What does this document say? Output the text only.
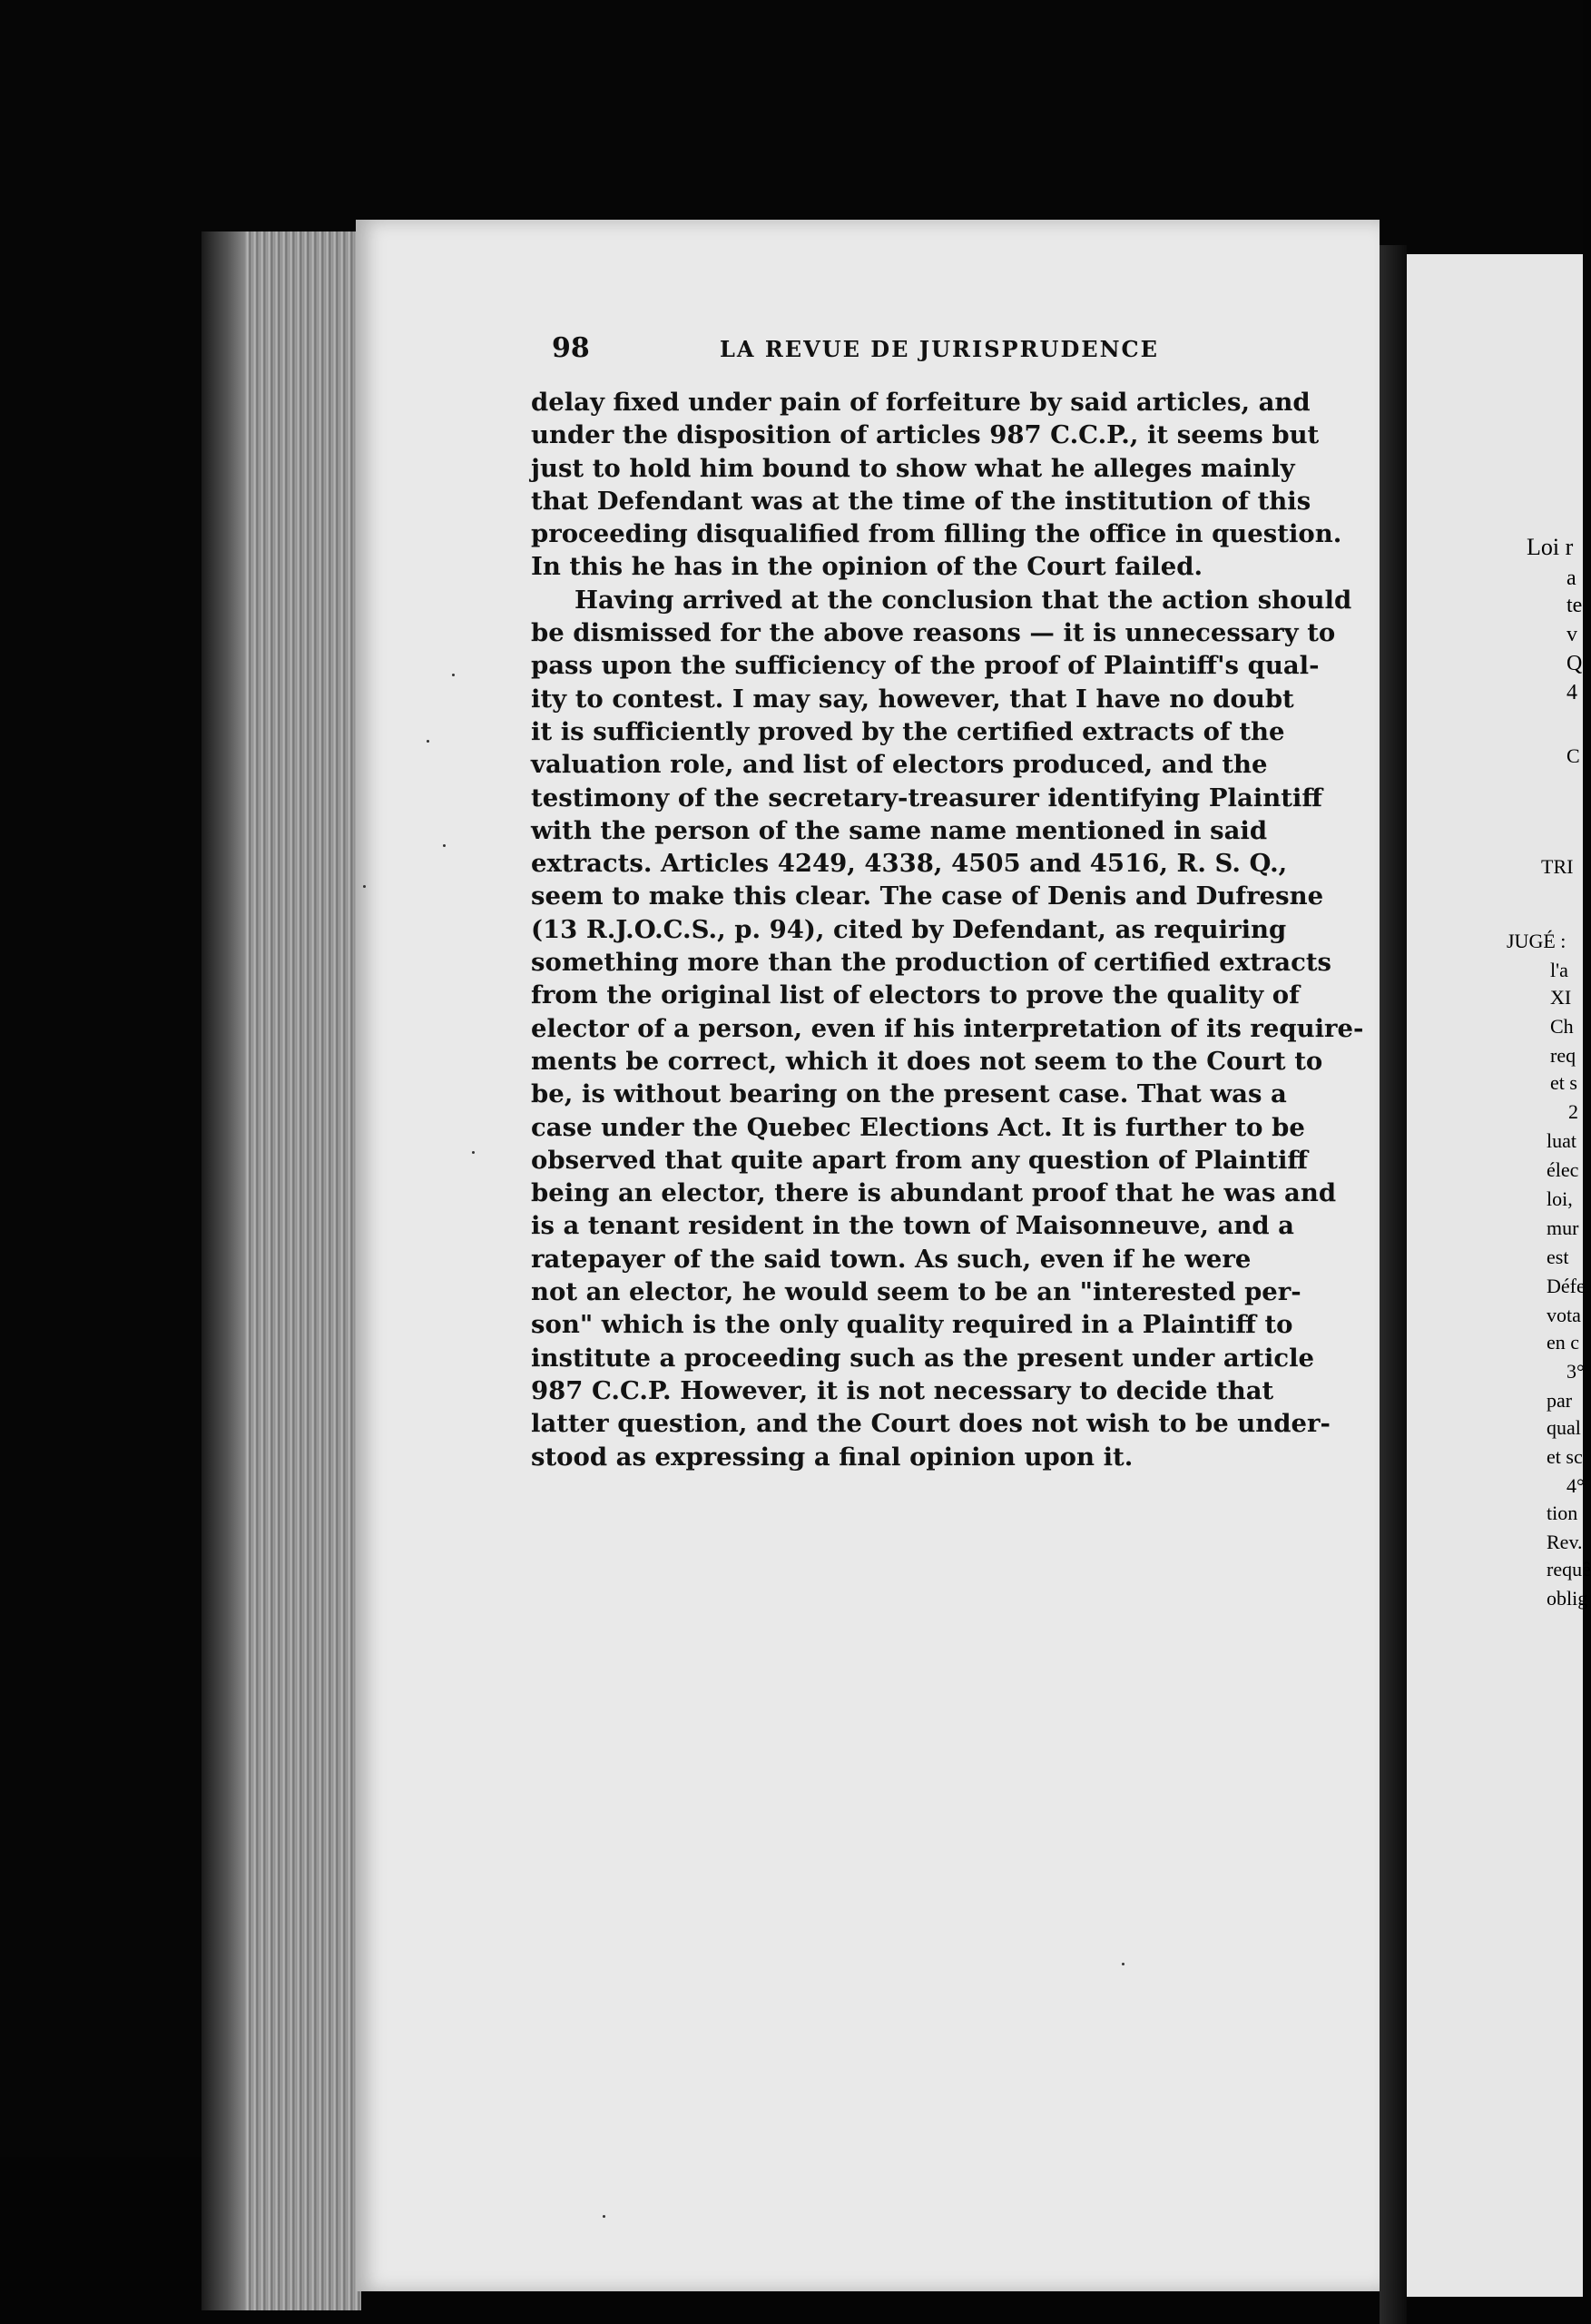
98	LA REVUE DE JURISPRUDENCE
delay fixed under pain of forfeiture by said articles, and
under the disposition of articles 987 C.C.P., it seems but
just to hold him bound to show what he alleges mainly
that Defendant was at the time of the institution of this
proceeding disqualified from filling the office in question.
In this he has in the opinion of the Court failed.
Having arrived at the conclusion that the action should
be dismissed for the above reasons — it is unnecessary to
pass upon the sufficiency of the proof of Plaintiff's qual-
ity to contest. I may say, however, that I have no doubt
it is sufficiently proved by the certified extracts of the
valuation role, and list of electors produced, and the
testimony of the secretary-treasurer identifying Plaintiff
with the person of the same name mentioned in said
extracts. Articles 4249, 4338, 4505 and 4516, R. S. Q.,
seem to make this clear. The case of Denis and Dufresne
(13 R.J.O.C.S., p. 94), cited by Defendant, as requiring
something more than the production of certified extracts
from the original list of electors to prove the quality of
elector of a person, even if his interpretation of its require-
ments be correct, which it does not seem to the Court to
be, is without bearing on the present case. That was a
case under the Quebec Elections Act. It is further to be
observed that quite apart from any question of Plaintiff
being an elector, there is abundant proof that he was and
is a tenant resident in the town of Maisonneuve, and a
ratepayer of the said town. As such, even if he were
not an elector, he would seem to be an "interested per-
son" which is the only quality required in a Plaintiff to
institute a proceeding such as the present under article
987 C.C.P. However, it is not necessary to decide that
latter question, and the Court does not wish to be under-
stood as expressing a final opinion upon it.
Loi r
a
te
v
Q
4
C
TRI
JUGÉ :
l'a
XI
Ch
req
et s
2
luat
élec
loi,
mur
est
Défe
vota
en c
3°
par
qual
et sc
4°
tion
Rev.
requê
oblig
